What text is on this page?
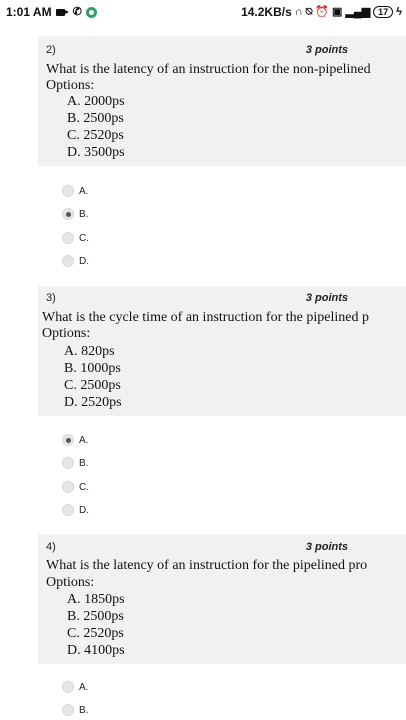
1:01 AM ✆	14.2KB/s ∩ ⍉ ⏰ ▣ ▂▄▆ 17 ϟ
2)	3 points
What is the latency of an instruction for the non-pipelined
Options:
A. 2000ps
B. 2500ps
C. 2520ps
D. 3500ps
A.
B.
C.
D.
3)	3 points
What is the cycle time of an instruction for the pipelined p
Options:
A. 820ps
B. 1000ps
C. 2500ps
D. 2520ps
A.
B.
C.
D.
4)	3 points
What is the latency of an instruction for the pipelined pro
Options:
A. 1850ps
B. 2500ps
C. 2520ps
D. 4100ps
A.
B.
